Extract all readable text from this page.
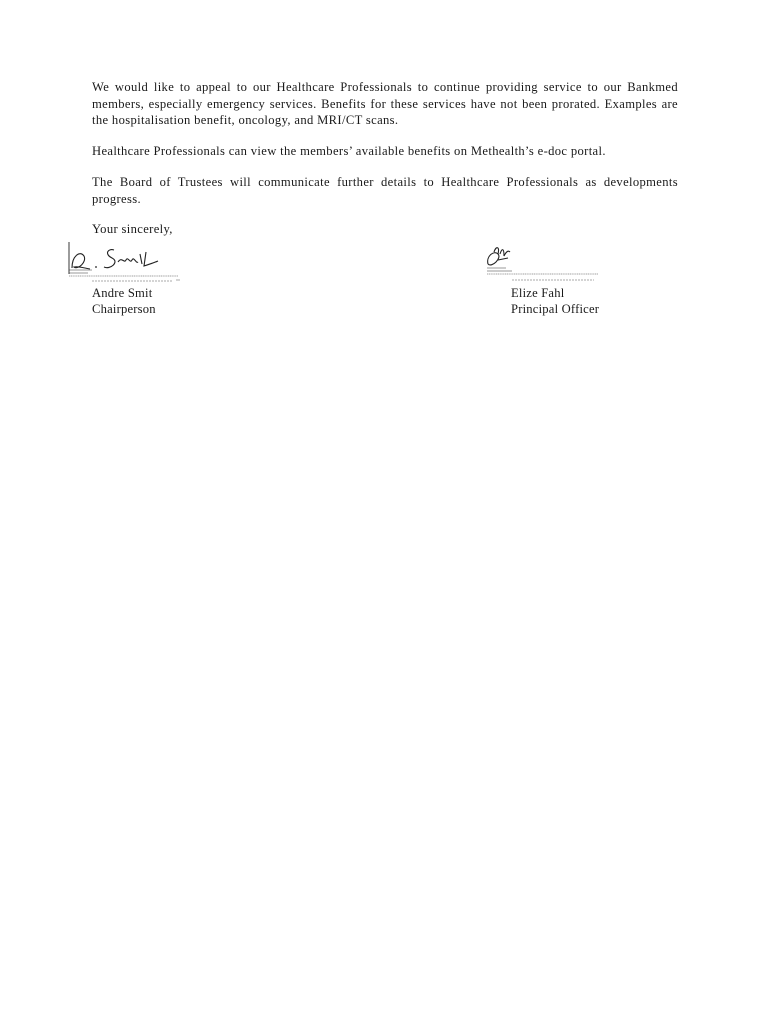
We would like to appeal to our Healthcare Professionals to continue providing service to our Bankmed members, especially emergency services. Benefits for these services have not been prorated. Examples are the hospitalisation benefit, oncology, and MRI/CT scans.

Healthcare Professionals can view the members’ available benefits on Methealth’s e-doc portal.

The Board of Trustees will communicate further details to Healthcare Professionals as developments progress.

Your sincerely,

Andre Smit
Chairperson
Elize Fahl
Principal Officer
